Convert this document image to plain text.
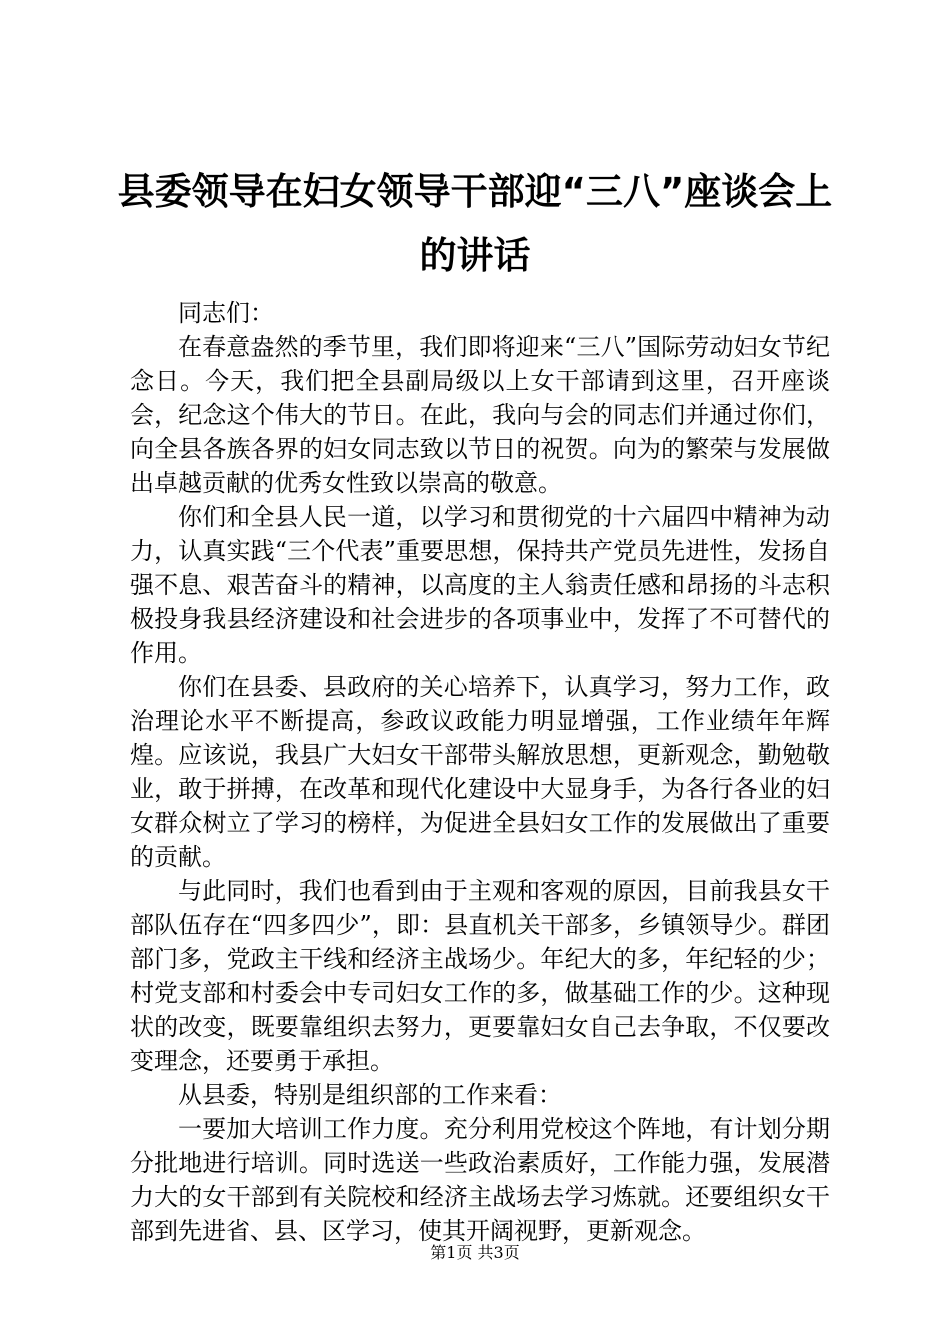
县委领导在妇女领导干部迎“三八”座谈会上的讲话

同志们：

在春意盎然的季节里，我们即将迎来“三八”国际劳动妇女节纪念日。今天，我们把全县副局级以上女干部请到这里，召开座谈会，纪念这个伟大的节日。在此，我向与会的同志们并通过你们，向全县各族各界的妇女同志致以节日的祝贺。向为的繁荣与发展做出卓越贡献的优秀女性致以崇高的敬意。

你们和全县人民一道，以学习和贯彻党的十六届四中精神为动力，认真实践“三个代表”重要思想，保持共产党员先进性，发扬自强不息、艰苦奋斗的精神，以高度的主人翁责任感和昂扬的斗志积极投身我县经济建设和社会进步的各项事业中，发挥了不可替代的作用。

你们在县委、县政府的关心培养下，认真学习，努力工作，政治理论水平不断提高，参政议政能力明显增强，工作业绩年年辉煌。应该说，我县广大妇女干部带头解放思想，更新观念，勤勉敬业，敢于拼搏，在改革和现代化建设中大显身手，为各行各业的妇女群众树立了学习的榜样，为促进全县妇女工作的发展做出了重要的贡献。

与此同时，我们也看到由于主观和客观的原因，目前我县女干部队伍存在“四多四少”，即：县直机关干部多，乡镇领导少。群团部门多，党政主干线和经济主战场少。年纪大的多，年纪轻的少；村党支部和村委会中专司妇女工作的多，做基础工作的少。这种现状的改变，既要靠组织去努力，更要靠妇女自己去争取，不仅要改变理念，还要勇于承担。

从县委，特别是组织部的工作来看：

一要加大培训工作力度。充分利用党校这个阵地，有计划分期分批地进行培训。同时选送一些政治素质好，工作能力强，发展潜力大的女干部到有关院校和经济主战场去学习炼就。还要组织女干部到先进省、县、区学习，使其开阔视野，更新观念。

第1页 共3页
